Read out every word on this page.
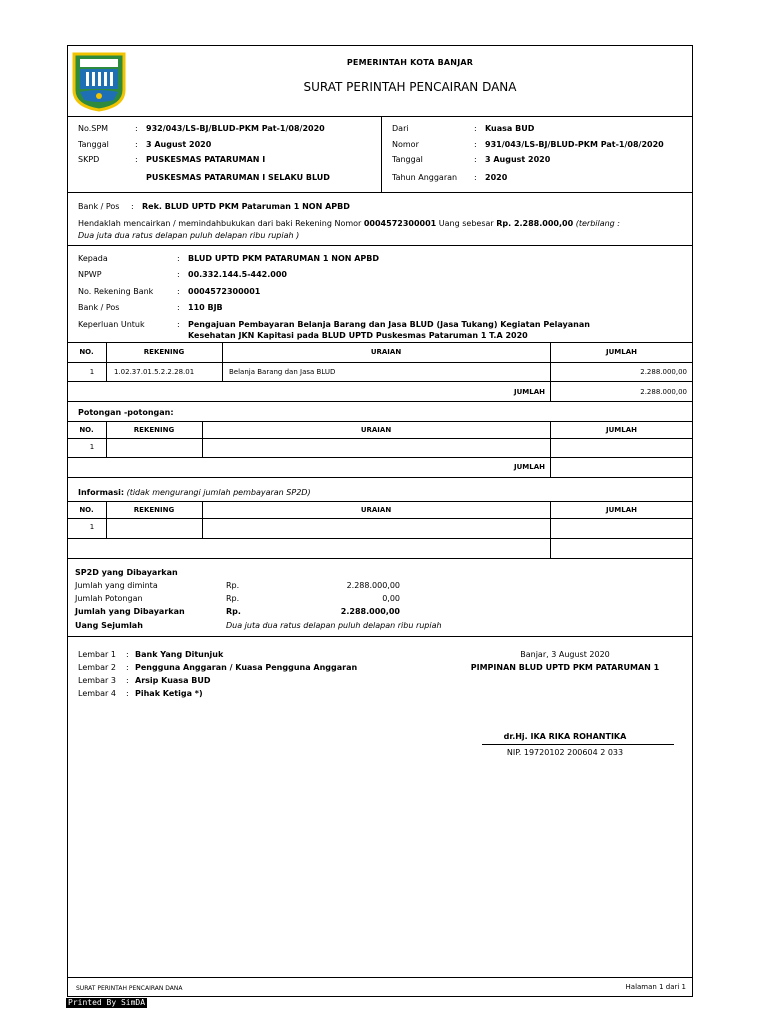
PEMERINTAH KOTA BANJAR
SURAT PERINTAH PENCAIRAN DANA
No.SPM	: 932/043/LS-BJ/BLUD-PKM Pat-1/08/2020
Tanggal	: 3 August 2020
SKPD	: PUSKESMAS PATARUMAN I
PUSKESMAS PATARUMAN I SELAKU BLUD
Dari	: Kuasa BUD
Nomor	: 931/043/LS-BJ/BLUD-PKM Pat-1/08/2020
Tanggal	: 3 August 2020
Tahun Anggaran : 2020
Bank / Pos : Rek. BLUD UPTD PKM Pataruman 1 NON APBD
Hendaklah mencairkan / memindahbukukan dari baki Rekening Nomor 0004572300001 Uang sebesar Rp. 2.288.000,00 (terbilang :
Dua juta dua ratus delapan puluh delapan ribu rupiah )
Kepada	: BLUD UPTD PKM PATARUMAN 1 NON APBD
NPWP	: 00.332.144.5-442.000
No. Rekening Bank	: 0004572300001
Bank / Pos	: 110 BJB
Keperluan Untuk	: Pengajuan Pembayaran Belanja Barang dan Jasa BLUD (Jasa Tukang) Kegiatan Pelayanan
Kesehatan JKN Kapitasi pada BLUD UPTD Puskesmas Pataruman 1 T.A 2020
NO.	REKENING	URAIAN	JUMLAH
1	1.02.37.01.5.2.2.28.01	Belanja Barang dan Jasa BLUD	2.288.000,00
JUMLAH	2.288.000,00
Potongan -potongan:
NO.	REKENING	URAIAN	JUMLAH
1
JUMLAH
Informasi: (tidak mengurangi jumlah pembayaran SP2D)
NO.	REKENING	URAIAN	JUMLAH
1
SP2D yang Dibayarkan
Jumlah yang diminta	Rp.	2.288.000,00
Jumlah Potongan	Rp.	0,00
Jumlah yang Dibayarkan	Rp.	2.288.000,00
Uang Sejumlah	Dua juta dua ratus delapan puluh delapan ribu rupiah
Lembar 1 : Bank Yang Ditunjuk
Lembar 2 : Pengguna Anggaran / Kuasa Pengguna Anggaran
Lembar 3 : Arsip Kuasa BUD
Lembar 4 : Pihak Ketiga *)
Banjar, 3 August 2020
PIMPINAN BLUD UPTD PKM PATARUMAN 1
dr.Hj. IKA RIKA ROHANTIKA
NIP. 19720102 200604 2 033
SURAT PERINTAH PENCAIRAN DANA	Halaman 1 dari 1
Printed By SimDA
